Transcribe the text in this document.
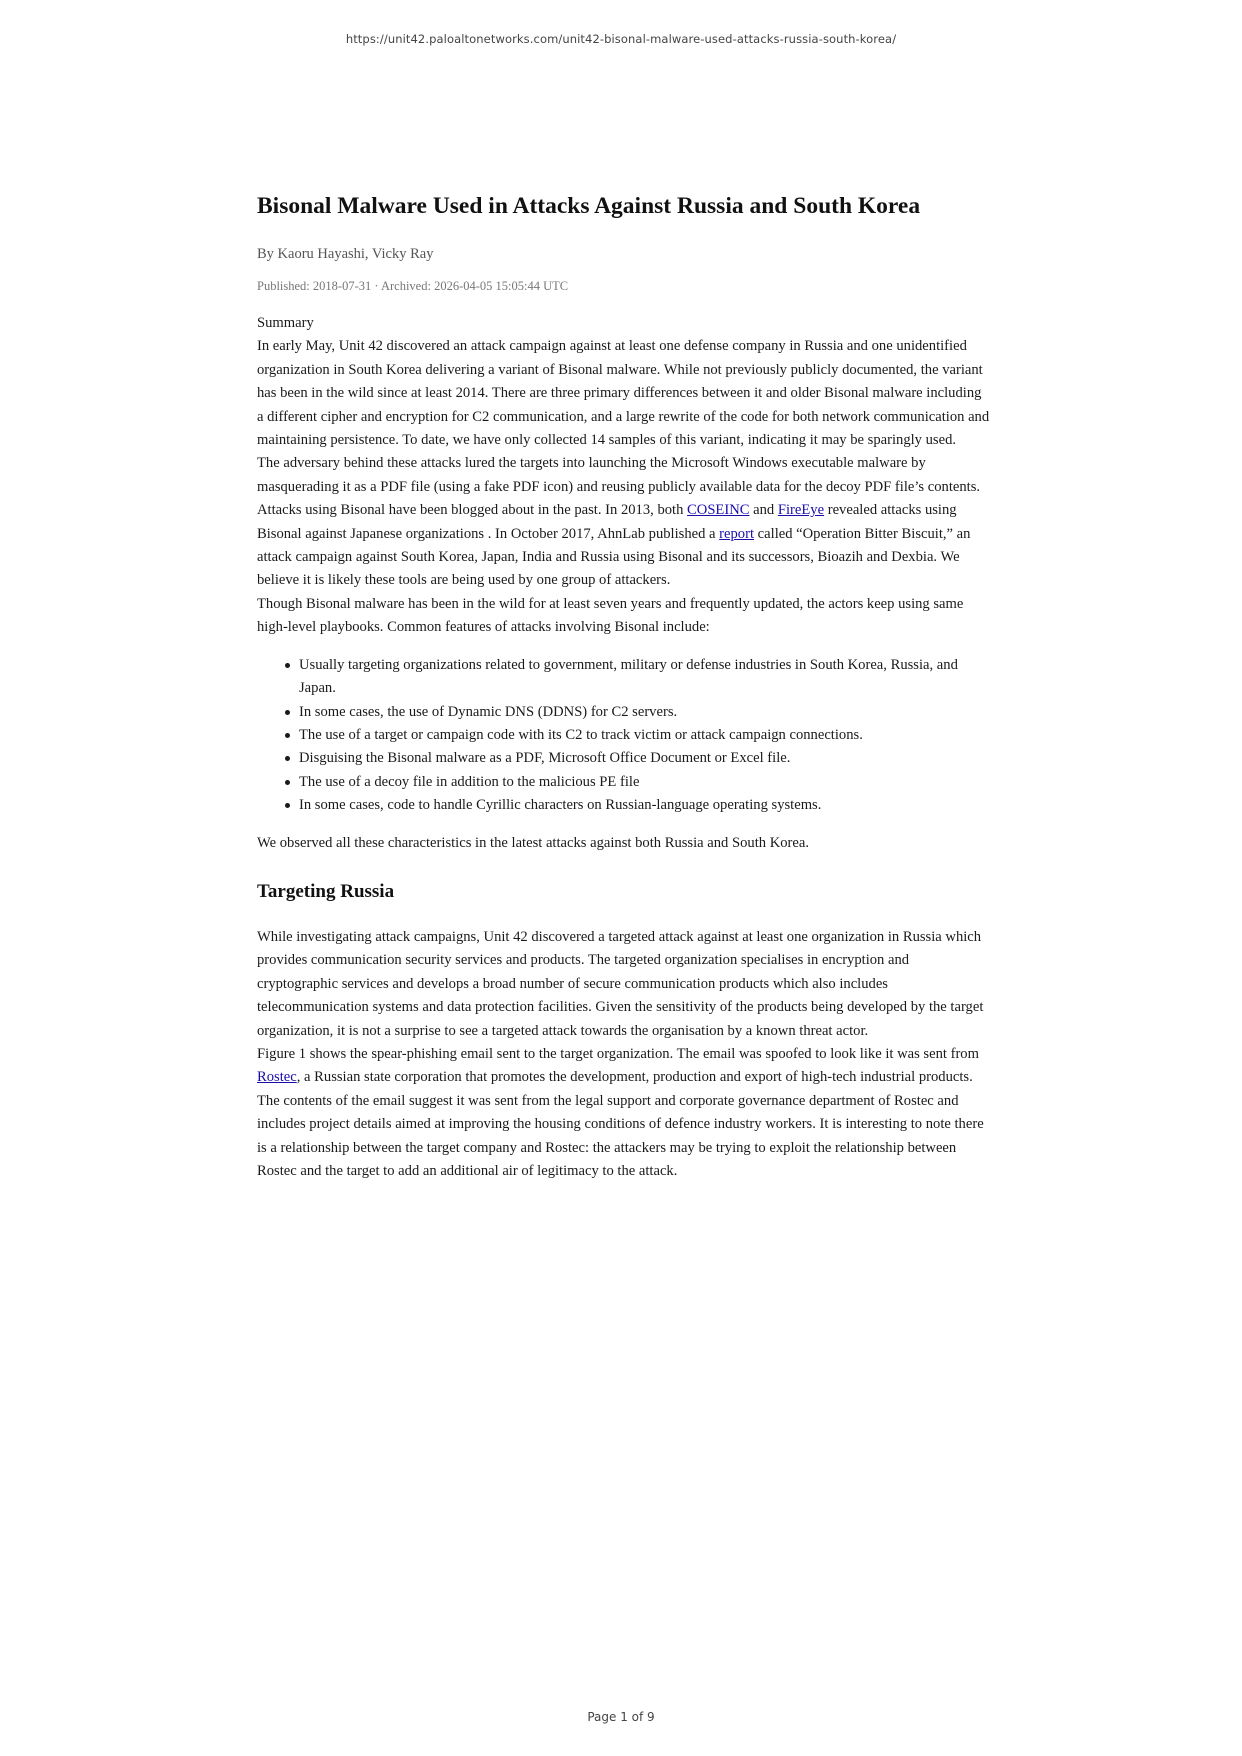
https://unit42.paloaltonetworks.com/unit42-bisonal-malware-used-attacks-russia-south-korea/
Bisonal Malware Used in Attacks Against Russia and South Korea
By Kaoru Hayashi, Vicky Ray
Published: 2018-07-31 · Archived: 2026-04-05 15:05:44 UTC
Summary

In early May, Unit 42 discovered an attack campaign against at least one defense company in Russia and one unidentified organization in South Korea delivering a variant of Bisonal malware. While not previously publicly documented, the variant has been in the wild since at least 2014. There are three primary differences between it and older Bisonal malware including a different cipher and encryption for C2 communication, and a large rewrite of the code for both network communication and maintaining persistence. To date, we have only collected 14 samples of this variant, indicating it may be sparingly used.

The adversary behind these attacks lured the targets into launching the Microsoft Windows executable malware by masquerading it as a PDF file (using a fake PDF icon) and reusing publicly available data for the decoy PDF file’s contents.

Attacks using Bisonal have been blogged about in the past. In 2013, both COSEINC and FireEye revealed attacks using Bisonal against Japanese organizations . In October 2017, AhnLab published a report called “Operation Bitter Biscuit,” an attack campaign against South Korea, Japan, India and Russia using Bisonal and its successors, Bioazih and Dexbia. We believe it is likely these tools are being used by one group of attackers.

Though Bisonal malware has been in the wild for at least seven years and frequently updated, the actors keep using same high-level playbooks. Common features of attacks involving Bisonal include:

Usually targeting organizations related to government, military or defense industries in South Korea, Russia, and Japan.
In some cases, the use of Dynamic DNS (DDNS) for C2 servers.
The use of a target or campaign code with its C2 to track victim or attack campaign connections.
Disguising the Bisonal malware as a PDF, Microsoft Office Document or Excel file.
The use of a decoy file in addition to the malicious PE file
In some cases, code to handle Cyrillic characters on Russian-language operating systems.

We observed all these characteristics in the latest attacks against both Russia and South Korea.

Targeting Russia

While investigating attack campaigns, Unit 42 discovered a targeted attack against at least one organization in Russia which provides communication security services and products. The targeted organization specialises in encryption and cryptographic services and develops a broad number of secure communication products which also includes telecommunication systems and data protection facilities. Given the sensitivity of the products being developed by the target organization, it is not a surprise to see a targeted attack towards the organisation by a known threat actor.

Figure 1 shows the spear-phishing email sent to the target organization. The email was spoofed to look like it was sent from Rostec, a Russian state corporation that promotes the development, production and export of high-tech industrial products. The contents of the email suggest it was sent from the legal support and corporate governance department of Rostec and includes project details aimed at improving the housing conditions of defence industry workers. It is interesting to note there is a relationship between the target company and Rostec: the attackers may be trying to exploit the relationship between Rostec and the target to add an additional air of legitimacy to the attack.

Page 1 of 9
